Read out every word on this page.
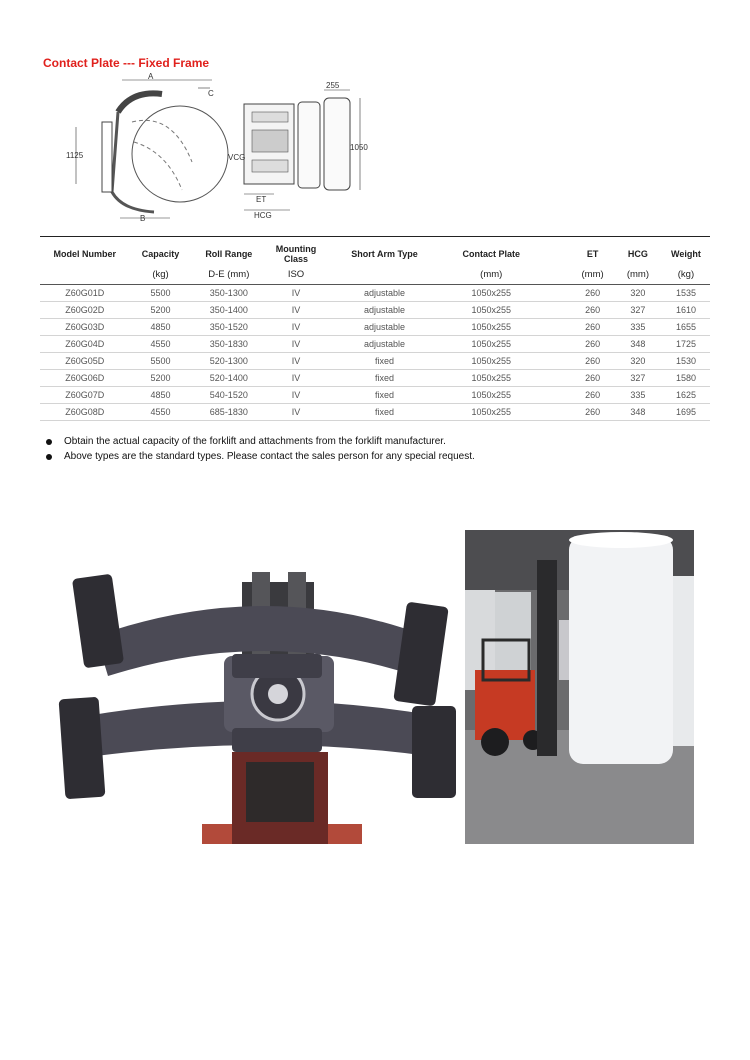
Contact Plate --- Fixed Frame
A
C
1125
B
255
1050
VCG
ET
HCG
Model Number	Capacity	Roll Range	Mounting Class	Short Arm Type	Contact Plate		ET	HCG	Weight
	(kg)	D-E (mm)	ISO		(mm)		(mm)	(mm)	(kg)
Z60G01D	5500	350-1300	IV	adjustable	1050x255		260	320	1535
Z60G02D	5200	350-1400	IV	adjustable	1050x255		260	327	1610
Z60G03D	4850	350-1520	IV	adjustable	1050x255		260	335	1655
Z60G04D	4550	350-1830	IV	adjustable	1050x255		260	348	1725
Z60G05D	5500	520-1300	IV	fixed	1050x255		260	320	1530
Z60G06D	5200	520-1400	IV	fixed	1050x255		260	327	1580
Z60G07D	4850	540-1520	IV	fixed	1050x255		260	335	1625
Z60G08D	4550	685-1830	IV	fixed	1050x255		260	348	1695
Obtain the actual capacity of the forklift and attachments from the forklift manufacturer.
Above types are the standard types. Please contact the sales person for any special request.
